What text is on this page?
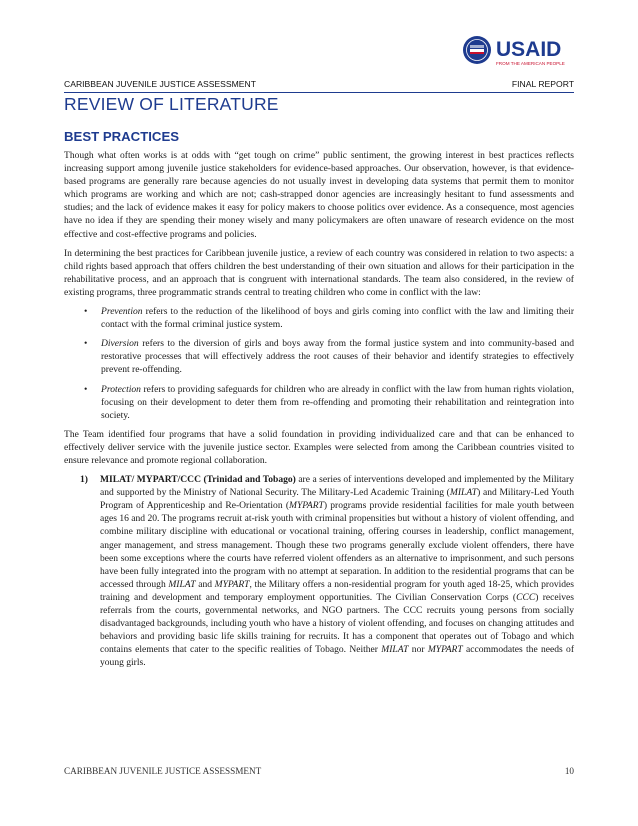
USAID
FROM THE AMERICAN PEOPLE
CARIBBEAN JUVENILE JUSTICE ASSESSMENT	FINAL REPORT
REVIEW OF LITERATURE
BEST PRACTICES

Though what often works is at odds with “get tough on crime” public sentiment, the growing interest in best practices reflects increasing support among juvenile justice stakeholders for evidence-based approaches. Our observation, however, is that evidence-based programs are generally rare because agencies do not usually invest in developing data systems that permit them to monitor which programs are working and which are not; cash-strapped donor agencies are increasingly hesitant to fund assessments and studies; and the lack of evidence makes it easy for policy makers to choose politics over evidence. As a consequence, most agencies have no idea if they are spending their money wisely and many policymakers are often unaware of research evidence on the most effective and cost-effective programs and policies.

In determining the best practices for Caribbean juvenile justice, a review of each country was considered in relation to two aspects: a child rights based approach that offers children the best understanding of their own situation and allows for their participation in the rehabilitative process, and an approach that is congruent with international standards. The team also considered, in the review of existing programs, three programmatic strands central to treating children who come in conflict with the law:

• Prevention refers to the reduction of the likelihood of boys and girls coming into conflict with the law and limiting their contact with the formal criminal justice system.
• Diversion refers to the diversion of girls and boys away from the formal justice system and into community-based and restorative processes that will effectively address the root causes of their behavior and identify strategies to effectively prevent re-offending.
• Protection refers to providing safeguards for children who are already in conflict with the law from human rights violation, focusing on their development to deter them from re-offending and promoting their rehabilitation and reintegration into society.

The Team identified four programs that have a solid foundation in providing individualized care and that can be enhanced to effectively deliver service with the juvenile justice sector. Examples were selected from among the Caribbean countries visited to ensure relevance and promote regional collaboration.

1) MILAT/ MYPART/CCC (Trinidad and Tobago) are a series of interventions developed and implemented by the Military and supported by the Ministry of National Security. The Military-Led Academic Training (MILAT) and Military-Led Youth Program of Apprenticeship and Re-Orientation (MYPART) programs provide residential facilities for male youth between ages 16 and 20. The programs recruit at-risk youth with criminal propensities but without a history of violent offending, and combine military discipline with educational or vocational training, offering courses in leadership, conflict management, anger management, and stress management. Though these two programs generally exclude violent offenders, there have been some exceptions where the courts have referred violent offenders as an alternative to imprisonment, and such persons have been fully integrated into the program with no attempt at separation. In addition to the residential programs that can be accessed through MILAT and MYPART, the Military offers a non-residential program for youth aged 18-25, which provides training and development and temporary employment opportunities. The Civilian Conservation Corps (CCC) receives referrals from the courts, governmental networks, and NGO partners. The CCC recruits young persons from socially disadvantaged backgrounds, including youth who have a history of violent offending, and focuses on changing attitudes and behaviors and providing basic life skills training for recruits. It has a component that operates out of Tobago and which contains elements that cater to the specific realities of Tobago. Neither MILAT nor MYPART accommodates the needs of young girls.
CARIBBEAN JUVENILE JUSTICE ASSESSMENT	10
